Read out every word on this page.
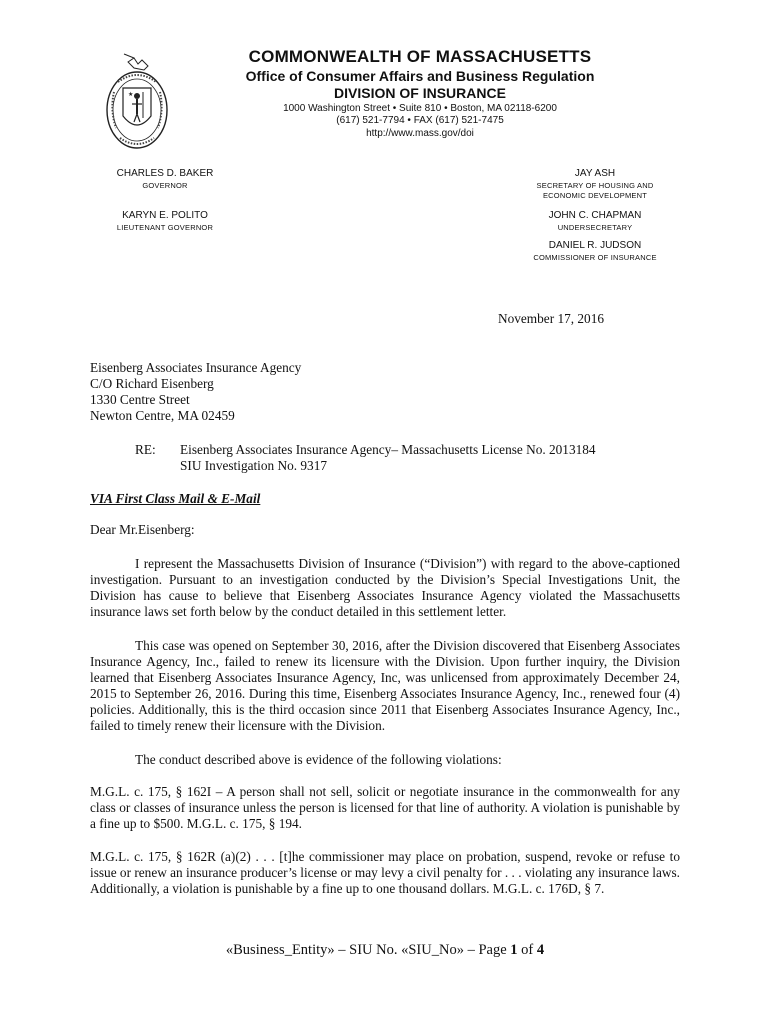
★
COMMONWEALTH OF MASSACHUSETTS
Office of Consumer Affairs and Business Regulation
DIVISION OF INSURANCE
1000 Washington Street • Suite 810 • Boston, MA 02118-6200
(617) 521-7794 • FAX (617) 521-7475
http://www.mass.gov/doi
CHARLES D. BAKER
GOVERNOR
KARYN E. POLITO
LIEUTENANT GOVERNOR
JAY ASH
SECRETARY OF HOUSING AND
ECONOMIC DEVELOPMENT
JOHN C. CHAPMAN
UNDERSECRETARY
DANIEL R. JUDSON
COMMISSIONER OF INSURANCE
November 17, 2016
Eisenberg Associates Insurance Agency
C/O Richard Eisenberg
1330 Centre Street
Newton Centre, MA 02459
RE: Eisenberg Associates Insurance Agency– Massachusetts License No. 2013184
SIU Investigation No. 9317
VIA First Class Mail & E-Mail
Dear Mr.Eisenberg:
I represent the Massachusetts Division of Insurance (“Division”) with regard to the above-captioned investigation. Pursuant to an investigation conducted by the Division’s Special Investigations Unit, the Division has cause to believe that Eisenberg Associates Insurance Agency violated the Massachusetts insurance laws set forth below by the conduct detailed in this settlement letter.
This case was opened on September 30, 2016, after the Division discovered that Eisenberg Associates Insurance Agency, Inc., failed to renew its licensure with the Division. Upon further inquiry, the Division learned that Eisenberg Associates Insurance Agency, Inc, was unlicensed from approximately December 24, 2015 to September 26, 2016. During this time, Eisenberg Associates Insurance Agency, Inc., renewed four (4) policies. Additionally, this is the third occasion since 2011 that Eisenberg Associates Insurance Agency, Inc., failed to timely renew their licensure with the Division.
The conduct described above is evidence of the following violations:
M.G.L. c. 175, § 162I – A person shall not sell, solicit or negotiate insurance in the commonwealth for any class or classes of insurance unless the person is licensed for that line of authority. A violation is punishable by a fine up to $500. M.G.L. c. 175, § 194.
M.G.L. c. 175, § 162R (a)(2) . . . [t]he commissioner may place on probation, suspend, revoke or refuse to issue or renew an insurance producer’s license or may levy a civil penalty for . . . violating any insurance laws. Additionally, a violation is punishable by a fine up to one thousand dollars. M.G.L. c. 176D, § 7.
«Business_Entity» – SIU No. «SIU_No» – Page 1 of 4
